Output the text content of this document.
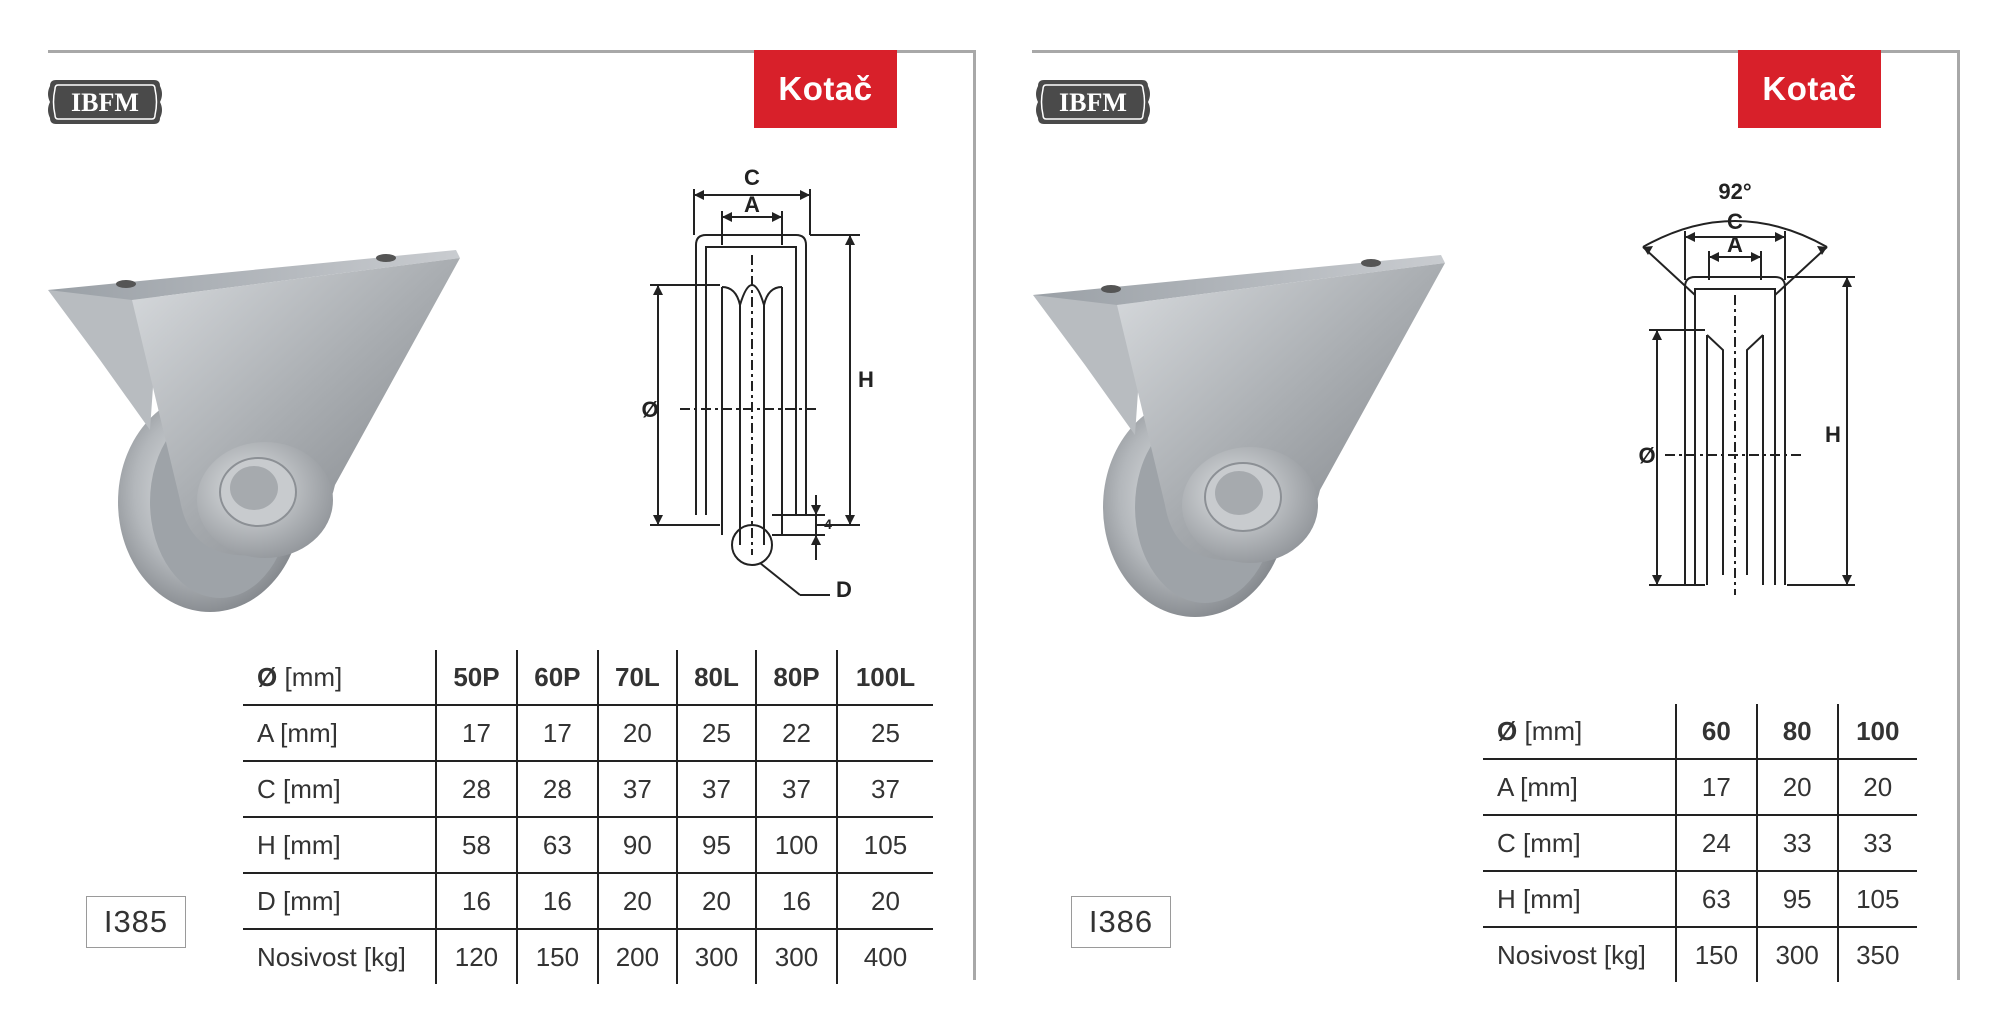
IBFM	Kotač
C
A
Ø
H
D
4
I385
Ø [mm]	50P	60P	70L	80L	80P	100L
A [mm]	17	17	20	25	22	25
C [mm]	28	28	37	37	37	37
H [mm]	58	63	90	95	100	105
D [mm]	16	16	20	20	16	20
Nosivost [kg]	120	150	200	300	300	400
IBFM	Kotač
92°
C
A
Ø
H
I386
Ø [mm]	60	80	100
A [mm]	17	20	20
C [mm]	24	33	33
H [mm]	63	95	105
Nosivost [kg]	150	300	350
